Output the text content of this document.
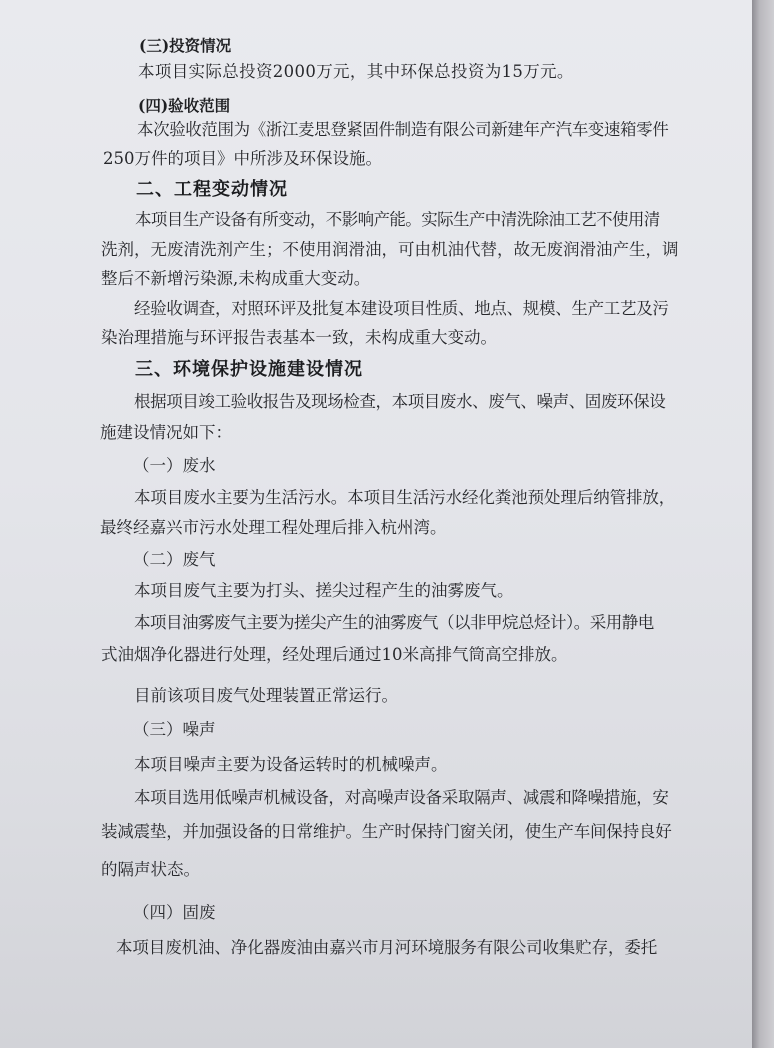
(三)投资情况

本项目实际总投资2000万元，其中环保总投资为15万元。

(四)验收范围

本次验收范围为《浙江麦思登紧固件制造有限公司新建年产汽车变速箱零件

250万件的项目》中所涉及环保设施。

二、工程变动情况

本项目生产设备有所变动，不影响产能。实际生产中清洗除油工艺不使用清

洗剂，无废清洗剂产生；不使用润滑油，可由机油代替，故无废润滑油产生，调

整后不新增污染源,未构成重大变动。

经验收调查，对照环评及批复本建设项目性质、地点、规模、生产工艺及污

染治理措施与环评报告表基本一致，未构成重大变动。

三、环境保护设施建设情况

根据项目竣工验收报告及现场检查，本项目废水、废气、噪声、固废环保设

施建设情况如下：

（一）废水

本项目废水主要为生活污水。本项目生活污水经化粪池预处理后纳管排放，

最终经嘉兴市污水处理工程处理后排入杭州湾。

（二）废气

本项目废气主要为打头、搓尖过程产生的油雾废气。

本项目油雾废气主要为搓尖产生的油雾废气（以非甲烷总烃计）。采用静电

式油烟净化器进行处理，经处理后通过10米高排气筒高空排放。

目前该项目废气处理装置正常运行。

（三）噪声

本项目噪声主要为设备运转时的机械噪声。

本项目选用低噪声机械设备，对高噪声设备采取隔声、减震和降噪措施，安

装减震垫，并加强设备的日常维护。生产时保持门窗关闭，使生产车间保持良好

的隔声状态。

（四）固废

本项目废机油、净化器废油由嘉兴市月河环境服务有限公司收集贮存，委托
